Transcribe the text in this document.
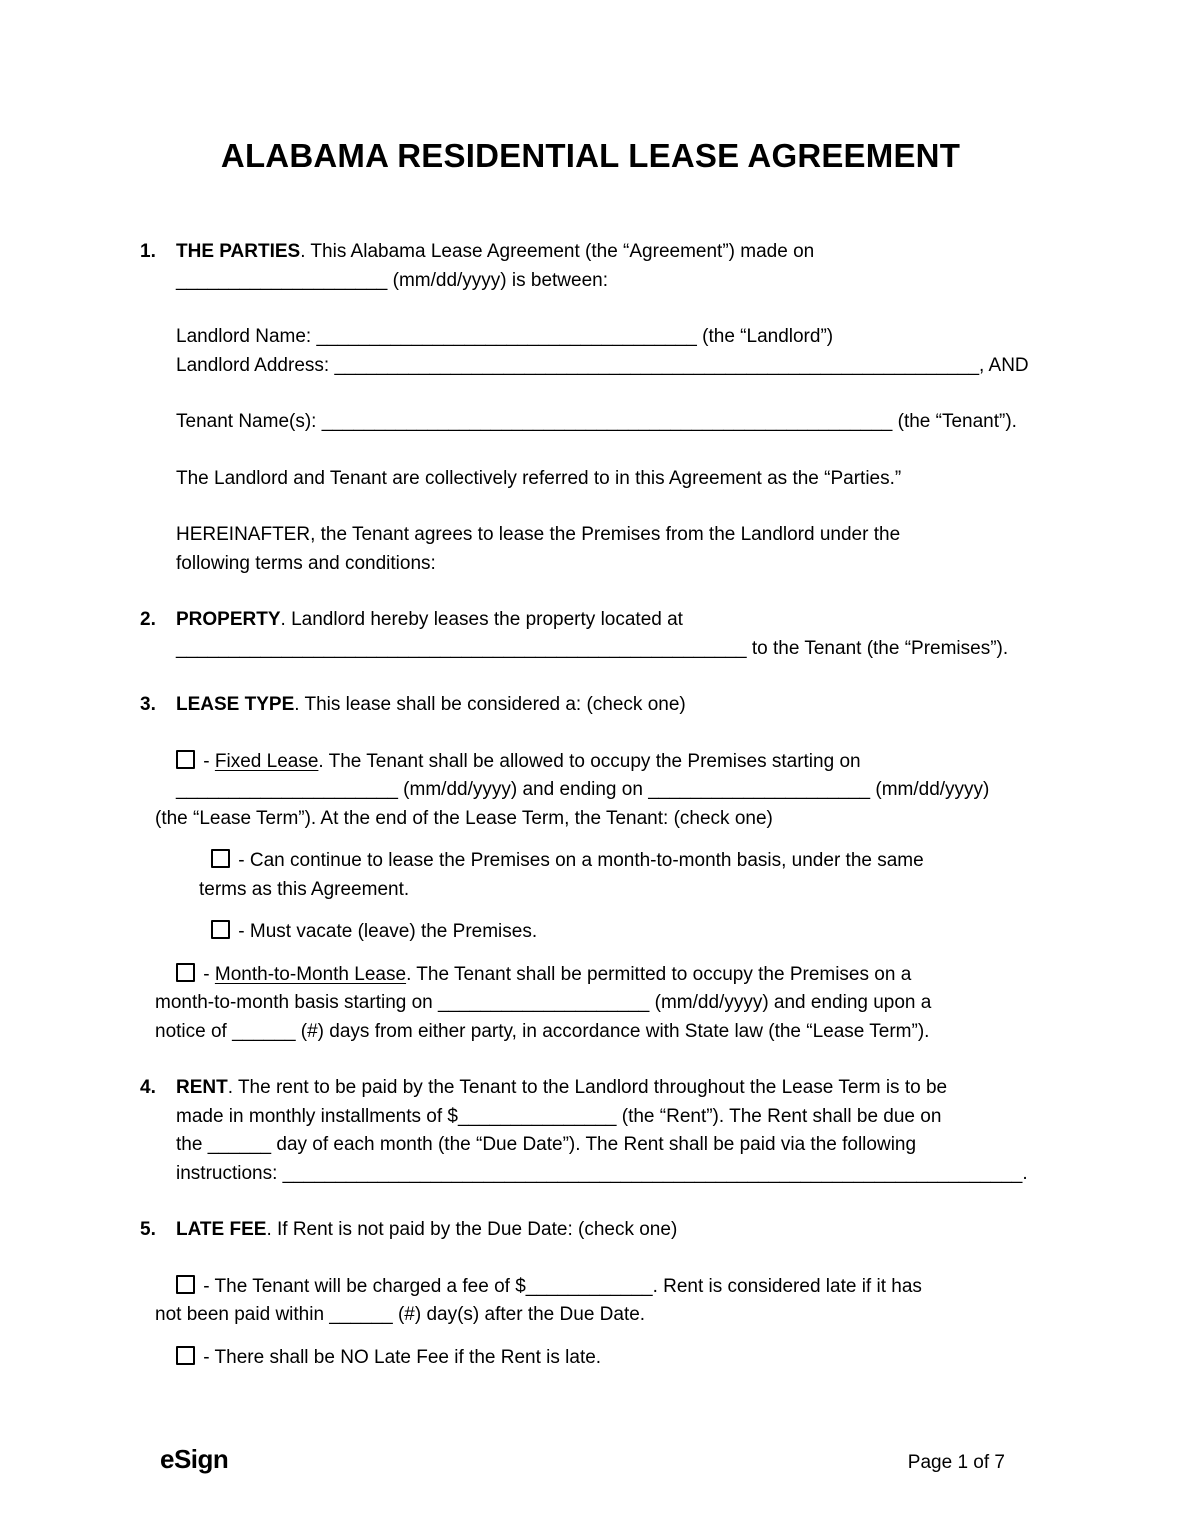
ALABAMA RESIDENTIAL LEASE AGREEMENT
1. THE PARTIES. This Alabama Lease Agreement (the “Agreement”) made on
____________________ (mm/dd/yyyy) is between:
Landlord Name: ____________________________________ (the “Landlord”)
Landlord Address: _____________________________________________________________, AND
Tenant Name(s): ______________________________________________________ (the “Tenant”).
The Landlord and Tenant are collectively referred to in this Agreement as the “Parties.”
HEREINAFTER, the Tenant agrees to lease the Premises from the Landlord under the
following terms and conditions:
2. PROPERTY. Landlord hereby leases the property located at
______________________________________________________ to the Tenant (the “Premises”).
3. LEASE TYPE. This lease shall be considered a: (check one)
- Fixed Lease. The Tenant shall be allowed to occupy the Premises starting on
_____________________ (mm/dd/yyyy) and ending on _____________________ (mm/dd/yyyy)
(the “Lease Term”). At the end of the Lease Term, the Tenant: (check one)
- Can continue to lease the Premises on a month-to-month basis, under the same
terms as this Agreement.
- Must vacate (leave) the Premises.
- Month-to-Month Lease. The Tenant shall be permitted to occupy the Premises on a
month-to-month basis starting on ____________________ (mm/dd/yyyy) and ending upon a
notice of ______ (#) days from either party, in accordance with State law (the “Lease Term”).
4. RENT. The rent to be paid by the Tenant to the Landlord throughout the Lease Term is to be
made in monthly installments of $_______________ (the “Rent”). The Rent shall be due on
the ______ day of each month (the “Due Date”). The Rent shall be paid via the following
instructions: ______________________________________________________________________.
5. LATE FEE. If Rent is not paid by the Due Date: (check one)
- The Tenant will be charged a fee of $____________. Rent is considered late if it has
not been paid within ______ (#) day(s) after the Due Date.
- There shall be NO Late Fee if the Rent is late.
eSign	Page 1 of 7
